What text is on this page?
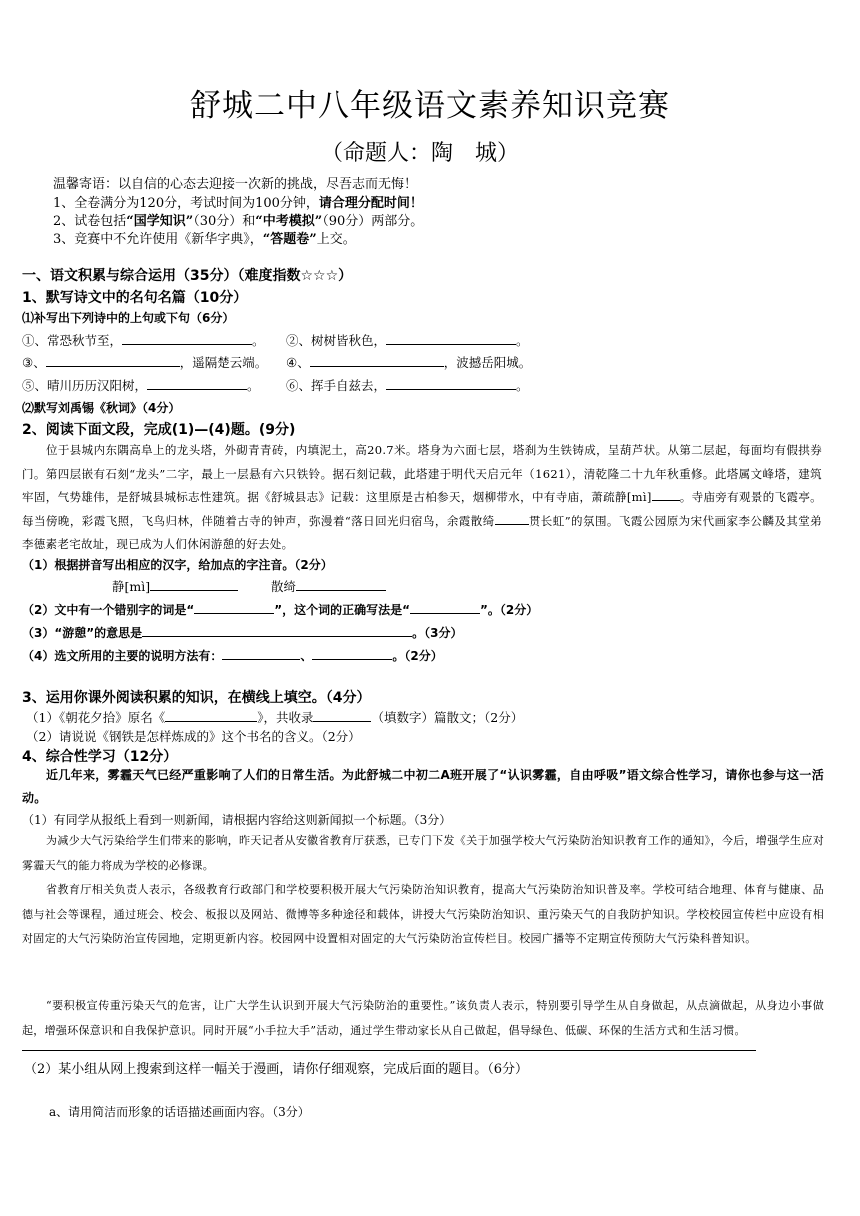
舒城二中八年级语文素养知识竞赛
（命题人：陶　城）
温馨寄语：以自信的心态去迎接一次新的挑战，尽吾志而无悔！
1、全卷满分为120分，考试时间为100分钟，请合理分配时间！
2、试卷包括“国学知识”（30分）和“中考模拟”（90分）两部分。
3、竞赛中不允许使用《新华字典》，“答题卷”上交。
一、语文积累与综合运用（35分）（难度指数☆☆☆）
1、默写诗文中的名句名篇（10分）
⑴补写出下列诗中的上句或下句（6分）
①、常恐秋节至，	。 ②、树树皆秋色，	。
③、	，遥隔楚云端。 ④、	，波撼岳阳城。
⑤、晴川历历汉阳树，	。 ⑥、挥手自兹去，	。
⑵默写刘禹锡《秋词》（4分）
2、阅读下面文段，完成(1)—(4)题。(9分)
位于县城内东隅高阜上的龙头塔，外砌青青砖，内填泥土，高20.7米。塔身为六面七层，塔刹为生铁铸成，呈葫芦状。从第二层起，每面均有假拱券门。第四层嵌有石刻“龙头”二字，最上一层悬有六只铁铃。据石刻记载，此塔建于明代天启元年（1621），清乾隆二十九年秋重修。此塔属文峰塔，建筑牢固，气势雄伟，是舒城县城标志性建筑。据《舒城县志》记载：这里原是古柏参天，烟柳带水，中有寺庙，萧疏静[mì] 。寺庙旁有观景的飞霞亭。每当傍晚，彩霞飞照，飞鸟归林，伴随着古寺的钟声，弥漫着“落日回光归宿鸟，余霞散绮	贯长虹”的氛围。飞霞公园原为宋代画家李公麟及其堂弟李德素老宅故址，现已成为人们休闲游憩的好去处。
（1）根据拼音写出相应的汉字，给加点的字注音。（2分）
静[mì]	散绮
（2）文中有一个错别字的词是“	”，这个词的正确写法是“	”。（2分）
（3）“游憩”的意思是	。（3分）
（4）选文所用的主要的说明方法有：	、	。（2分）
3、运用你课外阅读积累的知识，在横线上填空。（4分）
（1）《朝花夕拾》原名《	》，共收录	（填数字）篇散文；（2分）
（2）请说说《钢铁是怎样炼成的》这个书名的含义。（2分）
4、综合性学习（12分）
近几年来，雾霾天气已经严重影响了人们的日常生活。为此舒城二中初二A班开展了“认识雾霾，自由呼吸”语文综合性学习，请你也参与这一活动。
（1）有同学从报纸上看到一则新闻，请根据内容给这则新闻拟一个标题。（3分）
为减少大气污染给学生们带来的影响，昨天记者从安徽省教育厅获悉，已专门下发《关于加强学校大气污染防治知识教育工作的通知》，今后，增强学生应对雾霾天气的能力将成为学校的必修课。
省教育厅相关负责人表示，各级教育行政部门和学校要积极开展大气污染防治知识教育，提高大气污染防治知识普及率。学校可结合地理、体育与健康、品德与社会等课程，通过班会、校会、板报以及网站、微博等多种途径和载体，讲授大气污染防治知识、重污染天气的自我防护知识。学校校园宣传栏中应设有相对固定的大气污染防治宣传园地，定期更新内容。校园网中设置相对固定的大气污染防治宣传栏目。校园广播等不定期宣传预防大气污染科普知识。
“要积极宣传重污染天气的危害，让广大学生认识到开展大气污染防治的重要性。”该负责人表示，特别要引导学生从自身做起，从点滴做起，从身边小事做起，增强环保意识和自我保护意识。同时开展“小手拉大手”活动，通过学生带动家长从自己做起，倡导绿色、低碳、环保的生活方式和生活习惯。
（2）某小组从网上搜索到这样一幅关于漫画，请你仔细观察，完成后面的题目。（6分）
a、请用简洁而形象的话语描述画面内容。（3分）
